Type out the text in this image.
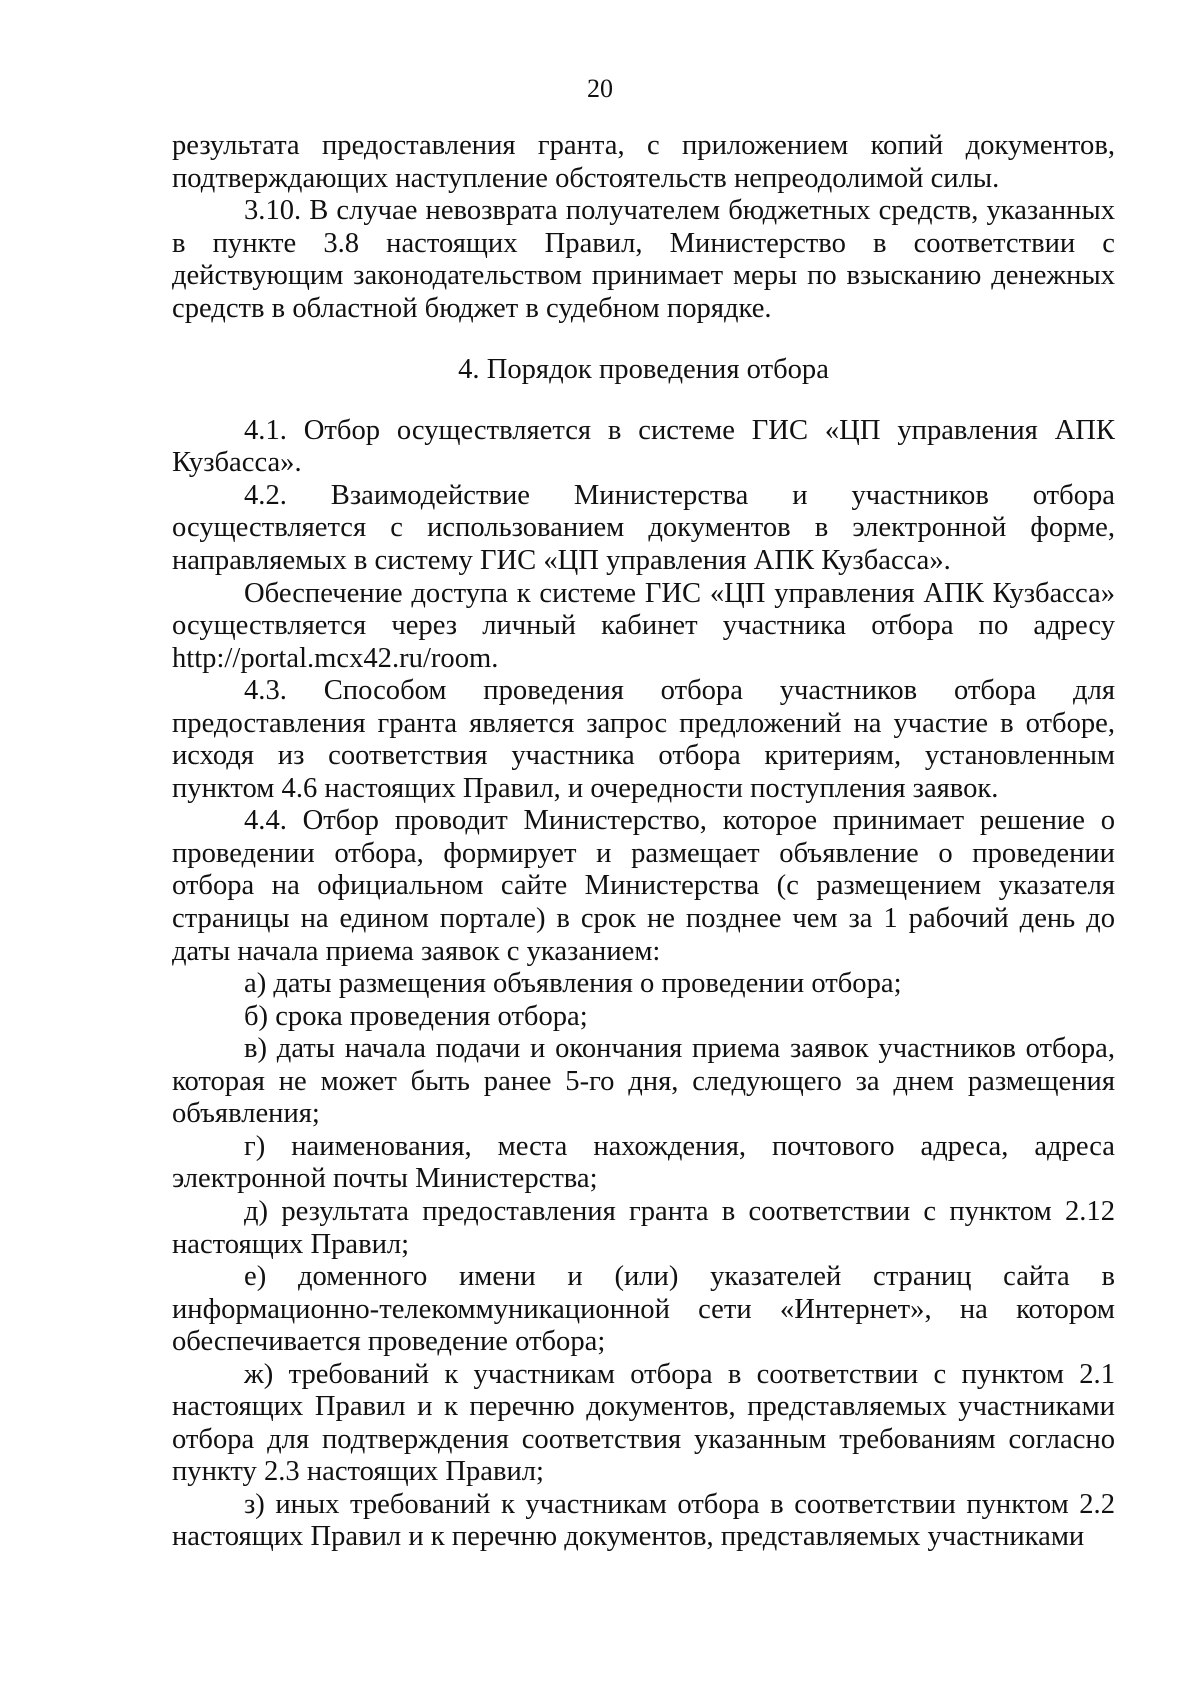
20

результата предоставления гранта, с приложением копий документов, подтверждающих наступление обстоятельств непреодолимой силы.

3.10. В случае невозврата получателем бюджетных средств, указанных в пункте 3.8 настоящих Правил, Министерство в соответствии с действующим законодательством принимает меры по взысканию денежных средств в областной бюджет в судебном порядке.

4. Порядок проведения отбора

4.1. Отбор осуществляется в системе ГИС «ЦП управления АПК Кузбасса».

4.2. Взаимодействие Министерства и участников отбора осуществляется с использованием документов в электронной форме, направляемых в систему ГИС «ЦП управления АПК Кузбасса».

Обеспечение доступа к системе ГИС «ЦП управления АПК Кузбасса» осуществляется через личный кабинет участника отбора по адресу http://portal.mcx42.ru/room.

4.3. Способом проведения отбора участников отбора для предоставления гранта является запрос предложений на участие в отборе, исходя из соответствия участника отбора критериям, установленным пунктом 4.6 настоящих Правил, и очередности поступления заявок.

4.4. Отбор проводит Министерство, которое принимает решение о проведении отбора, формирует и размещает объявление о проведении отбора на официальном сайте Министерства (с размещением указателя страницы на едином портале) в срок не позднее чем за 1 рабочий день до даты начала приема заявок с указанием:

а) даты размещения объявления о проведении отбора;

б) срока проведения отбора;

в) даты начала подачи и окончания приема заявок участников отбора, которая не может быть ранее 5-го дня, следующего за днем размещения объявления;

г) наименования, места нахождения, почтового адреса, адреса электронной почты Министерства;

д) результата предоставления гранта в соответствии с пунктом 2.12 настоящих Правил;

е) доменного имени и (или) указателей страниц сайта в информационно-телекоммуникационной сети «Интернет», на котором обеспечивается проведение отбора;

ж) требований к участникам отбора в соответствии с пунктом 2.1 настоящих Правил и к перечню документов, представляемых участниками отбора для подтверждения соответствия указанным требованиям согласно пункту 2.3 настоящих Правил;

з) иных требований к участникам отбора в соответствии пунктом 2.2 настоящих Правил и к перечню документов, представляемых участниками
